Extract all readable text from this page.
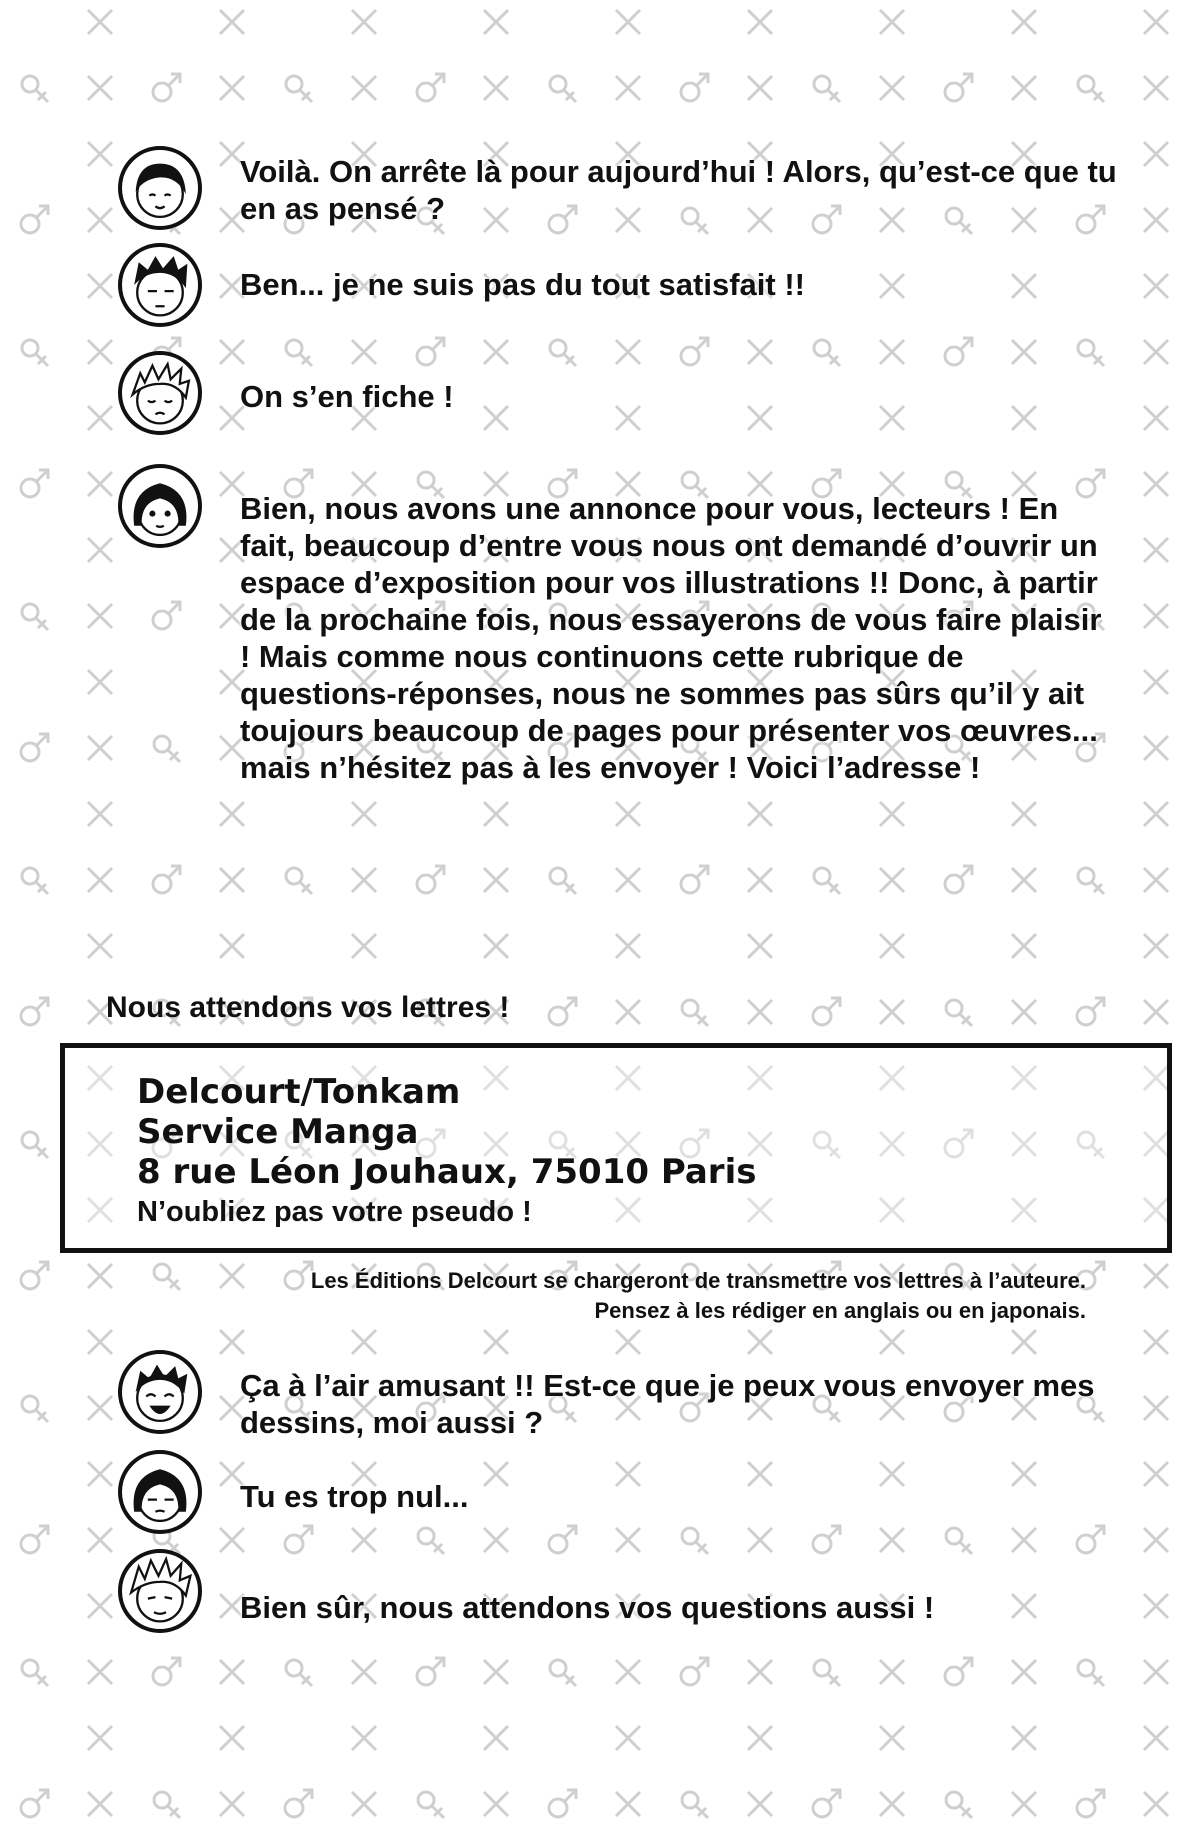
Voilà. On arrête là pour aujourd’hui ! Alors, qu’est-ce que tu en as pensé ?
Ben... je ne suis pas du tout satisfait !!
On s’en fiche !
Bien, nous avons une annonce pour vous, lecteurs ! En fait, beaucoup d’entre vous nous ont demandé d’ouvrir un espace d’exposition pour vos illustrations !! Donc, à partir de la prochaine fois, nous essayerons de vous faire plaisir ! Mais comme nous continuons cette rubrique de questions-réponses, nous ne sommes pas sûrs qu’il y ait toujours beaucoup de pages pour présenter vos œuvres... mais n’hésitez pas à les envoyer ! Voici l’adresse !
Nous attendons vos lettres !
Delcourt/Tonkam
Service Manga
8 rue Léon Jouhaux, 75010 Paris
N’oubliez pas votre pseudo !
Les Éditions Delcourt se chargeront de transmettre vos lettres à l’auteure.
Pensez à les rédiger en anglais ou en japonais.
Ça à l’air amusant !! Est-ce que je peux vous envoyer mes dessins, moi aussi ?
Tu es trop nul...
Bien sûr, nous attendons vos questions aussi !
